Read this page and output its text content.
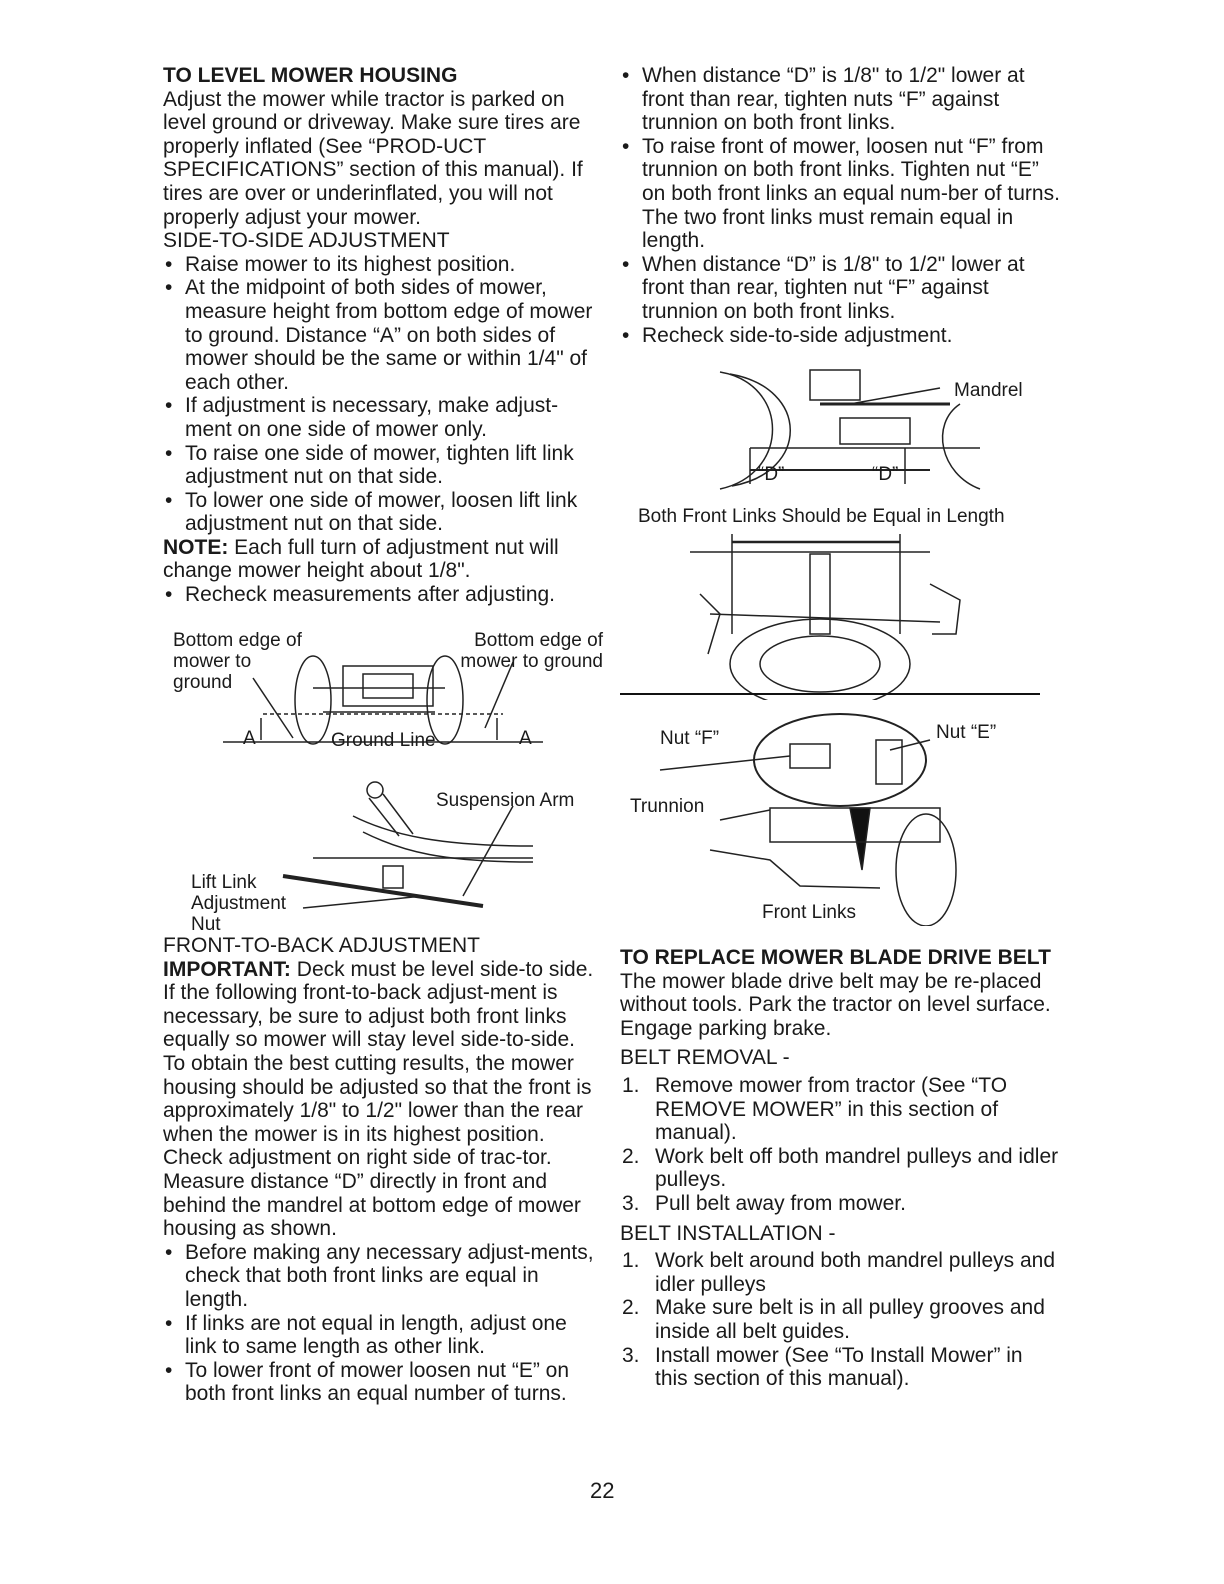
TO LEVEL MOWER HOUSING

Adjust the mower while tractor is parked on level ground or driveway. Make sure tires are properly inflated (See “PROD-UCT SPECIFICATIONS” section of this manual). If tires are over or underinflated, you will not properly adjust your mower.

SIDE-TO-SIDE ADJUSTMENT

• Raise mower to its highest position.

• At the midpoint of both sides of mower, measure height from bottom edge of mower to ground. Distance “A” on both sides of mower should be the same or within 1/4" of each other.

• If adjustment is necessary, make adjust-ment on one side of mower only.

• To raise one side of mower, tighten lift link adjustment nut on that side.

• To lower one side of mower, loosen lift link adjustment nut on that side.

NOTE: Each full turn of adjustment nut will change mower height about 1/8".

• Recheck measurements after adjusting.

Bottom edge of mower to ground
Bottom edge of mower to ground
A	A
Ground Line
Suspension Arm
Lift Link Adjustment Nut

FRONT-TO-BACK ADJUSTMENT

IMPORTANT: Deck must be level side-to side. If the following front-to-back adjust-ment is necessary, be sure to adjust both front links equally so mower will stay level side-to-side.

To obtain the best cutting results, the mower housing should be adjusted so that the front is approximately 1/8" to 1/2" lower than the rear when the mower is in its highest position.

Check adjustment on right side of trac-tor. Measure distance “D” directly in front and behind the mandrel at bottom edge of mower housing as shown.

• Before making any necessary adjust-ments, check that both front links are equal in length.

• If links are not equal in length, adjust one link to same length as other link.

• To lower front of mower loosen nut “E” on both front links an equal number of turns.

• When distance “D” is 1/8" to 1/2" lower at front than rear, tighten nuts “F” against trunnion on both front links.

• To raise front of mower, loosen nut “F” from trunnion on both front links. Tighten nut “E” on both front links an equal num-ber of turns. The two front links must remain equal in length.

• When distance “D” is 1/8" to 1/2" lower at front than rear, tighten nut “F” against trunnion on both front links.

• Recheck side-to-side adjustment.

Mandrel
“D”	“D”
Both Front Links Should be Equal in Length
Nut “F”	Nut “E”
Trunnion
Front Links
TO REPLACE MOWER BLADE DRIVE BELT

The mower blade drive belt may be re-placed without tools. Park the tractor on level surface. Engage parking brake.

BELT REMOVAL -

1. Remove mower from tractor (See “TO REMOVE MOWER” in this section of manual).

2. Work belt off both mandrel pulleys and idler pulleys.

3. Pull belt away from mower.

BELT INSTALLATION -

1. Work belt around both mandrel pulleys and idler pulleys

2. Make sure belt is in all pulley grooves and inside all belt guides.

3. Install mower (See “To Install Mower” in this section of this manual).

22
